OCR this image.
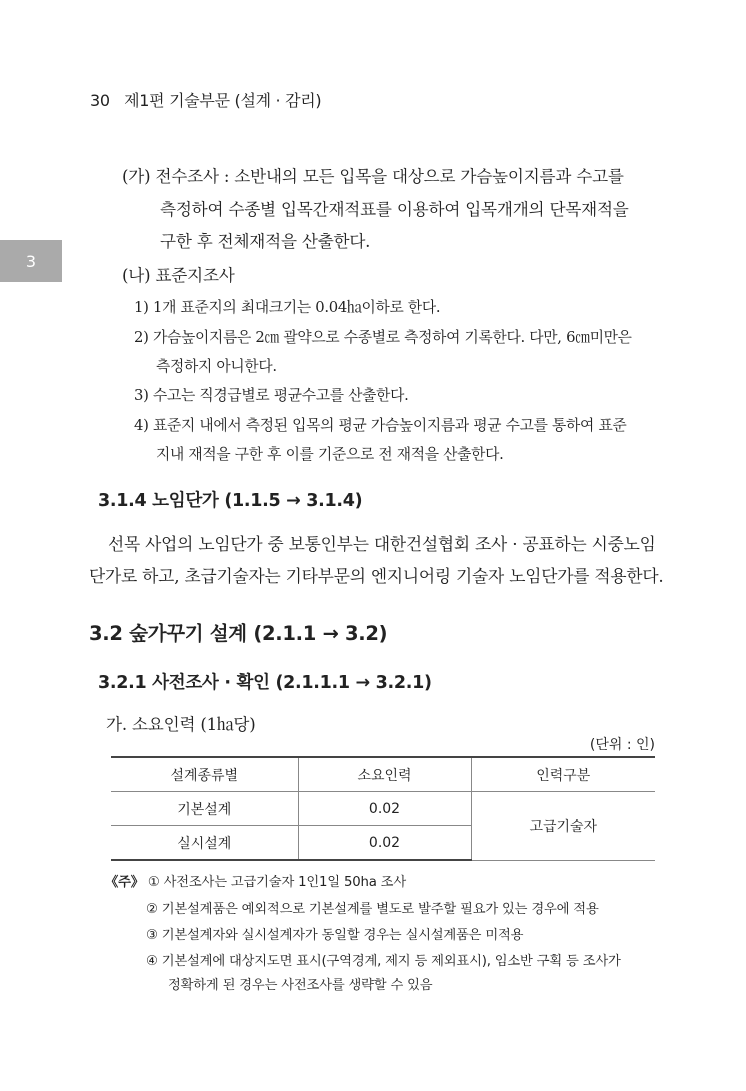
30 제1편 기술부문 (설계 · 감리)
3
(가) 전수조사 : 소반내의 모든 입목을 대상으로 가슴높이지름과 수고를
측정하여 수종별 입목간재적표를 이용하여 입목개개의 단목재적을
구한 후 전체재적을 산출한다.
(나) 표준지조사
1) 1개 표준지의 최대크기는 0.04㏊이하로 한다.
2) 가슴높이지름은 2㎝ 괄약으로 수종별로 측정하여 기록한다. 다만, 6㎝미만은
측정하지 아니한다.
3) 수고는 직경급별로 평균수고를 산출한다.
4) 표준지 내에서 측정된 입목의 평균 가슴높이지름과 평균 수고를 통하여 표준
지내 재적을 구한 후 이를 기준으로 전 재적을 산출한다.
3.1.4 노임단가 (1.1.5 → 3.1.4)
선목 사업의 노임단가 중 보통인부는 대한건설협회 조사 · 공표하는 시중노임
단가로 하고, 초급기술자는 기타부문의 엔지니어링 기술자 노임단가를 적용한다.
3.2 숲가꾸기 설계 (2.1.1 → 3.2)
3.2.1 사전조사 · 확인 (2.1.1.1 → 3.2.1)
가. 소요인력 (1㏊당)
(단위 : 인)
설계종류별	소요인력	인력구분
기본설계	0.02	고급기술자
실시설계	0.02	
《주》 ① 사전조사는 고급기술자 1인1일 50ha 조사
② 기본설계품은 예외적으로 기본설계를 별도로 발주할 필요가 있는 경우에 적용
③ 기본설계자와 실시설계자가 동일할 경우는 실시설계품은 미적용
④ 기본설계에 대상지도면 표시(구역경계, 제지 등 제외표시), 임소반 구획 등 조사가
정확하게 된 경우는 사전조사를 생략할 수 있음
